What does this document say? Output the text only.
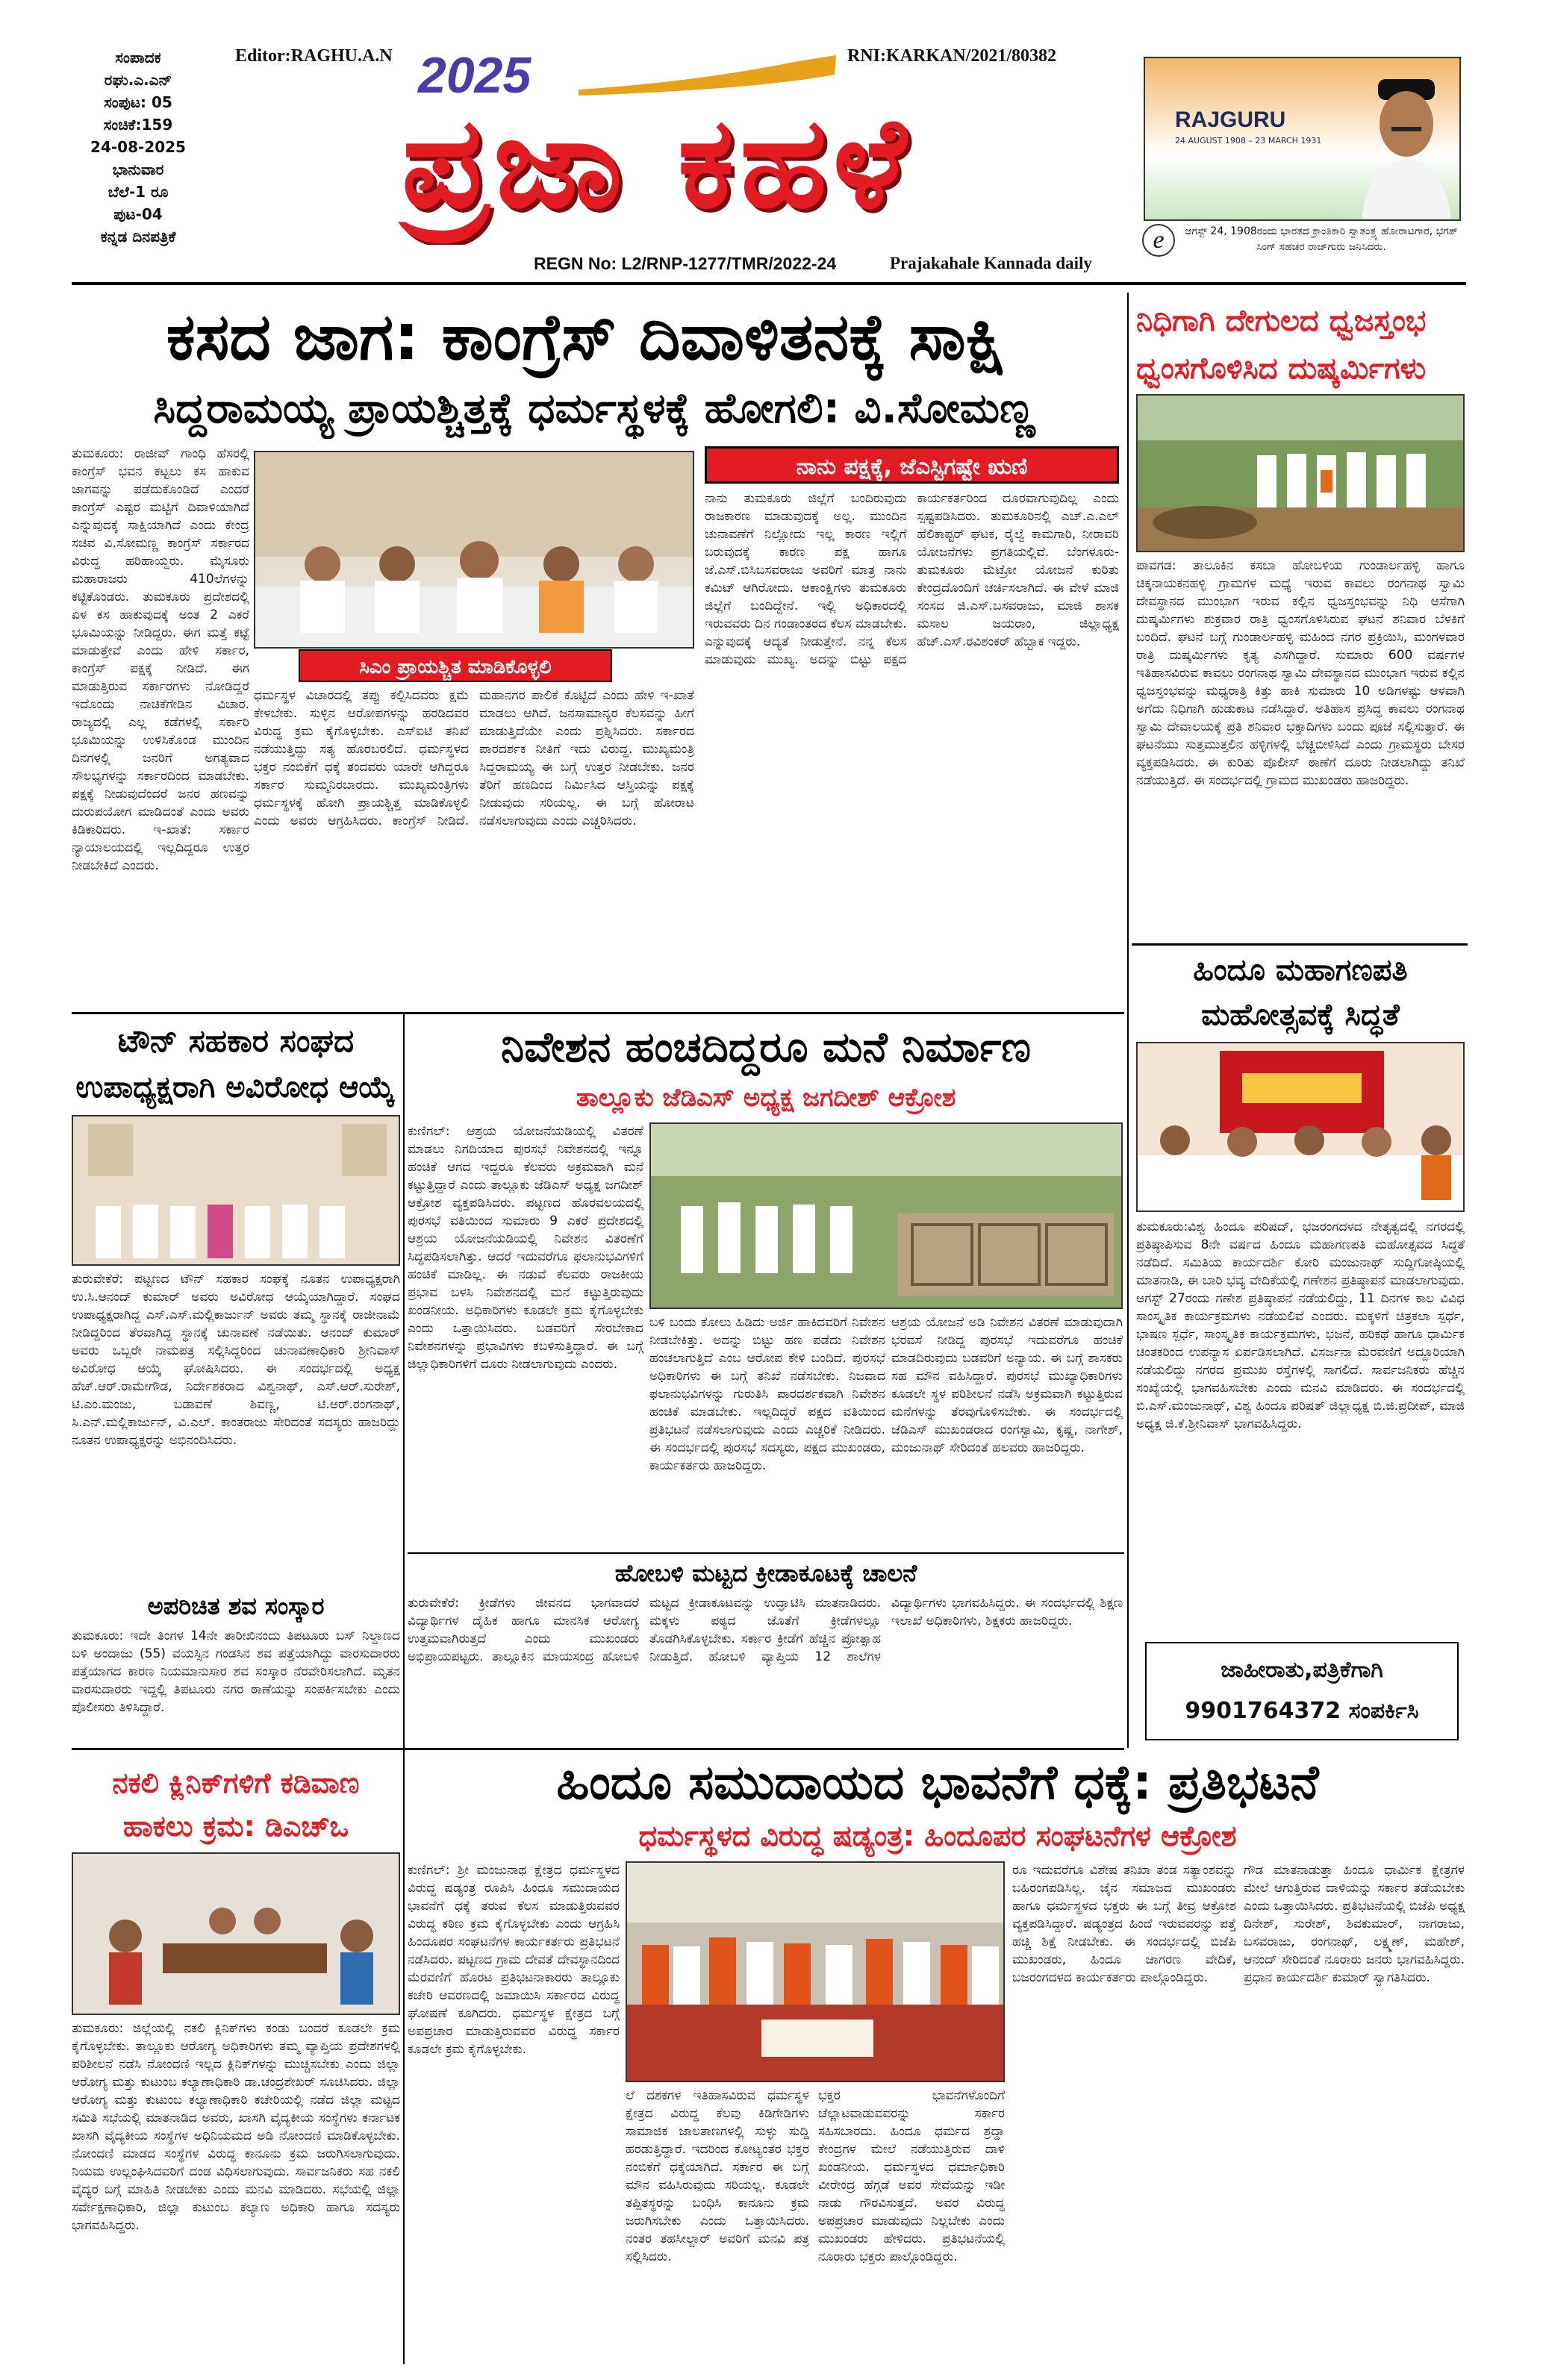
ಸಂಪಾದಕ
ರಘು.ಎ.ಎನ್
ಸಂಪುಟ: 05
ಸಂಚಿಕೆ:159
24-08-2025
ಭಾನುವಾರ
ಬೆಲೆ-1 ರೂ
ಪುಟ-04
ಕನ್ನಡ ದಿನಪತ್ರಿಕೆ
Editor:RAGHU.A.N	RNI:KARKAN/2021/80382
2025
ಪ್ರಜಾ ಕಹಳೆ
REGN No: L2/RNP-1277/TMR/2022-24	Prajakahale Kannada daily
RAJGURU
24 AUGUST 1908 – 23 MARCH 1931
e	ಆಗಸ್ಟ್ 24, 1908ರಂದು ಭಾರತದ ಕ್ರಾಂತಿಕಾರಿ ಸ್ವಾತಂತ್ರ್ಯ ಹೋರಾಟಗಾರ, ಭಗತ್ ಸಿಂಗ್ ಸಹಚರ ರಾಜ್‌ಗುರು ಜನಿಸಿದರು.
ಕಸದ ಜಾಗ: ಕಾಂಗ್ರೆಸ್ ದಿವಾಳಿತನಕ್ಕೆ ಸಾಕ್ಷಿ
ಸಿದ್ದರಾಮಯ್ಯ ಪ್ರಾಯಶ್ಚಿತ್ತಕ್ಕೆ ಧರ್ಮಸ್ಥಳಕ್ಕೆ ಹೋಗಲಿ: ವಿ.ಸೋಮಣ್ಣ

ತುಮಕೂರು: ರಾಜೀವ್ ಗಾಂಧಿ ಹೆಸರಲ್ಲಿ ಕಾಂಗ್ರೆಸ್ ಭವನ ಕಟ್ಟಲು ಕಸ ಹಾಕುವ ಜಾಗವನ್ನು ಪಡೆದುಕೊಂಡಿದೆ ಎಂದರೆ ಕಾಂಗ್ರೆಸ್ ಎಷ್ಟರ ಮಟ್ಟಿಗೆ ದಿವಾಳಿಯಾಗಿದೆ ಎನ್ನುವುದಕ್ಕೆ ಸಾಕ್ಷಿಯಾಗಿದೆ ಎಂದು ಕೇಂದ್ರ ಸಚಿವ ವಿ.ಸೋಮಣ್ಣ ಕಾಂಗ್ರೆಸ್ ಸರ್ಕಾರದ ವಿರುದ್ಧ ಹರಿಹಾಯ್ದರು. ಮೈಸೂರು ಮಹಾರಾಜರು 410ಲೆಗಳನ್ನು ಕಟ್ಟಿಕೊಂಡರು. ತುಮಕೂರು ಪ್ರದೇಶದಲ್ಲಿ ಏಳ ಕಸ ಹಾಕುವುದಕ್ಕೆ ಅಂತ 2 ಎಕರೆ ಭೂಮಿಯನ್ನು ನೀಡಿದ್ದರು. ಈಗ ಮತ್ತೆ ಕಟ್ಟೆ ಮಾಡುತ್ತೇವೆ ಎಂದು ಹೇಳಿ ಸರ್ಕಾರ, ಕಾಂಗ್ರೆಸ್ ಪಕ್ಷಕ್ಕೆ ನೀಡಿದೆ. ಈಗ ಮಾಡುತ್ತಿರುವ ಸರ್ಕಾರಗಳು ನೋಡಿದ್ದರೆ ಇದೊಂದು ನಾಚಿಕೆಗೇಡಿನ ವಿಚಾರ. ರಾಜ್ಯದಲ್ಲಿ ಎಲ್ಲ ಕಡೆಗಳಲ್ಲಿ ಸರ್ಕಾರಿ ಭೂಮಿಯನ್ನು ಉಳಿಸಿಕೊಂಡ ಮುಂದಿನ ದಿನಗಳಲ್ಲಿ ಜನರಿಗೆ ಅಗತ್ಯವಾದ ಸೌಲಭ್ಯಗಳನ್ನು ಸರ್ಕಾರದಿಂದ ಮಾಡಬೇಕು. ಪಕ್ಷಕ್ಕೆ ನೀಡುವುದೆಂದರೆ ಜನರ ಹಣವನ್ನು ದುರುಪಯೋಗ ಮಾಡಿದಂತೆ ಎಂದು ಅವರು ಕಿಡಿಕಾರಿದರು. ಇ-ಖಾತೆ: ಸರ್ಕಾರ ನ್ಯಾಯಾಲಯದಲ್ಲಿ ಇಲ್ಲದಿದ್ದರೂ ಉತ್ತರ ನೀಡಬೇಕಿದೆ ಎಂದರು.

ಸಿಎಂ ಪ್ರಾಯಶ್ಚಿತ ಮಾಡಿಕೊಳ್ಳಲಿ
ನಾನು ಪಕ್ಷಕ್ಕೆ, ಜೆಎಸ್ಟಿಗಷ್ಟೇ ಋಣಿ

ಧರ್ಮಸ್ಥಳ ವಿಚಾರದಲ್ಲಿ ತಪ್ಪು ಕಲ್ಪಿಸಿದವರು ಕ್ಷಮೆ ಕೇಳಬೇಕು. ಸುಳ್ಳಿನ ಆರೋಪಗಳನ್ನು ಹರಡಿದವರ ವಿರುದ್ಧ ಕ್ರಮ ಕೈಗೊಳ್ಳಬೇಕು. ಎಸ್ಐಟಿ ತನಿಖೆ ನಡೆಯುತ್ತಿದ್ದು ಸತ್ಯ ಹೊರಬರಲಿದೆ. ಧರ್ಮಸ್ಥಳದ ಭಕ್ತರ ನಂಬಿಕೆಗೆ ಧಕ್ಕೆ ತಂದವರು ಯಾರೇ ಆಗಿದ್ದರೂ ಸರ್ಕಾರ ಸುಮ್ಮನಿರಬಾರದು. ಮುಖ್ಯಮಂತ್ರಿಗಳು ಧರ್ಮಸ್ಥಳಕ್ಕೆ ಹೋಗಿ ಪ್ರಾಯಶ್ಚಿತ್ತ ಮಾಡಿಕೊಳ್ಳಲಿ ಎಂದು ಅವರು ಆಗ್ರಹಿಸಿದರು. ಕಾಂಗ್ರೆಸ್ ನೀಡಿದೆ. ಮಹಾನಗರ ಪಾಲಿಕೆ ಕೊಟ್ಟಿದೆ ಎಂದು ಹೇಳಿ ಇ-ಖಾತೆ ಮಾಡಲು ಆಗಿದೆ. ಜನಸಾಮಾನ್ಯರ ಕೆಲಸವನ್ನು ಹೀಗೆ ಮಾಡುತ್ತಿದೆಯೇ ಎಂದು ಪ್ರಶ್ನಿಸಿದರು. ಸರ್ಕಾರದ ಪಾರದರ್ಶಕ ನೀತಿಗೆ ಇದು ವಿರುದ್ಧ. ಮುಖ್ಯಮಂತ್ರಿ ಸಿದ್ದರಾಮಯ್ಯ ಈ ಬಗ್ಗೆ ಉತ್ತರ ನೀಡಬೇಕು. ಜನರ ತೆರಿಗೆ ಹಣದಿಂದ ನಿರ್ಮಿಸಿದ ಆಸ್ತಿಯನ್ನು ಪಕ್ಷಕ್ಕೆ ನೀಡುವುದು ಸರಿಯಲ್ಲ. ಈ ಬಗ್ಗೆ ಹೋರಾಟ ನಡೆಸಲಾಗುವುದು ಎಂದು ಎಚ್ಚರಿಸಿದರು.

ನಾನು ತುಮಕೂರು ಜಿಲ್ಲೆಗೆ ಬಂದಿರುವುದು ರಾಜಕಾರಣ ಮಾಡುವುದಕ್ಕೆ ಅಲ್ಲ. ಮುಂದಿನ ಚುನಾವಣೆಗೆ ನಿಲ್ಲೋದು ಇಲ್ಲ ಕಾರಣ ಇಲ್ಲಿಗೆ ಬರುವುದಕ್ಕೆ ಕಾರಣ ಪಕ್ಷ ಹಾಗೂ ಜೆ.ಎಸ್.ಬಿಸಿಬಸವರಾಜು ಅವರಿಗೆ ಮಾತ್ರ ನಾನು ಕಮಿಟ್ ಆಗಿರೋದು. ಆಕಾಂಕ್ಷಿಗಳು ತುಮಕೂರು ಜಿಲ್ಲೆಗೆ ಬಂದಿದ್ದೇನೆ. ಇಲ್ಲಿ ಅಧಿಕಾರದಲ್ಲಿ ಇರುವವರು ದಿನ ಗಂಡಾಂತರದ ಕೆಲಸ ಮಾಡಬೇಕು. ಎನ್ನುವುದಕ್ಕೆ ಆದ್ಯತೆ ನೀಡುತ್ತೇನೆ. ನನ್ನ ಕೆಲಸ ಮಾಡುವುದು ಮುಖ್ಯ. ಅದನ್ನು ಬಿಟ್ಟು ಪಕ್ಷದ ಕಾರ್ಯಕರ್ತರಿಂದ ದೂರವಾಗುವುದಿಲ್ಲ ಎಂದು ಸ್ಪಷ್ಟಪಡಿಸಿದರು. ತುಮಕೂರಿನಲ್ಲಿ ಎಚ್.ಎ.ಎಲ್ ಹೆಲಿಕಾಪ್ಟರ್ ಘಟಕ, ರೈಲ್ವೆ ಕಾಮಗಾರಿ, ನೀರಾವರಿ ಯೋಜನೆಗಳು ಪ್ರಗತಿಯಲ್ಲಿವೆ. ಬೆಂಗಳೂರು-ತುಮಕೂರು ಮೆಟ್ರೋ ಯೋಜನೆ ಕುರಿತು ಕೇಂದ್ರದೊಂದಿಗೆ ಚರ್ಚಿಸಲಾಗಿದೆ. ಈ ವೇಳೆ ಮಾಜಿ ಸಂಸದ ಜಿ.ಎಸ್.ಬಸವರಾಜು, ಮಾಜಿ ಶಾಸಕ ಮಸಾಲ ಜಯರಾಂ, ಜಿಲ್ಲಾಧ್ಯಕ್ಷ ಹೆಚ್.ಎಸ್.ರವಿಶಂಕರ್ ಹೆಬ್ಬಾಕ ಇದ್ದರು.

ನಿಧಿಗಾಗಿ ದೇಗುಲದ ಧ್ವಜಸ್ತಂಭ ಧ್ವಂಸಗೊಳಿಸಿದ ದುಷ್ಕರ್ಮಿಗಳು

ಪಾವಗಡ: ತಾಲೂಕಿನ ಕಸಬಾ ಹೋಬಳಿಯ ಗುಂಡಾರ್ಲಹಳ್ಳಿ ಹಾಗೂ ಚಿಕ್ಕನಾಯಕನಹಳ್ಳಿ ಗ್ರಾಮಗಳ ಮಧ್ಯೆ ಇರುವ ಕಾವಲು ರಂಗನಾಥ ಸ್ವಾಮಿ ದೇವಸ್ಥಾನದ ಮುಂಭಾಗ ಇರುವ ಕಲ್ಲಿನ ಧ್ವಜಸ್ತಂಭವನ್ನು ನಿಧಿ ಆಸೆಗಾಗಿ ದುಷ್ಕರ್ಮಿಗಳು ಶುಕ್ರವಾರ ರಾತ್ರಿ ಧ್ವಂಸಗೊಳಿಸಿರುವ ಘಟನೆ ಶನಿವಾರ ಬೆಳಕಿಗೆ ಬಂದಿದೆ. ಘಟನೆ ಬಗ್ಗೆ ಗುಂಡಾರ್ಲಹಳ್ಳಿ ಮಹಿಂದ ನಗರ ಪ್ರಕ್ರಿಯಿಸಿ, ಮಂಗಳವಾರ ರಾತ್ರಿ ದುಷ್ಕರ್ಮಿಗಳು ಕೃತ್ಯ ಎಸಗಿದ್ದಾರೆ. ಸುಮಾರು 600 ವರ್ಷಗಳ ಇತಿಹಾಸವಿರುವ ಕಾವಲು ರಂಗನಾಥ ಸ್ವಾಮಿ ದೇವಸ್ಥಾನದ ಮುಂಭಾಗ ಇರುವ ಕಲ್ಲಿನ ಧ್ವಜಸ್ತಂಭವನ್ನು ಮಧ್ಯರಾತ್ರಿ ಕಿತ್ತು ಹಾಕಿ ಸುಮಾರು 10 ಅಡಿಗಳಷ್ಟು ಆಳವಾಗಿ ಅಗೆದು ನಿಧಿಗಾಗಿ ಹುಡುಕಾಟ ನಡೆಸಿದ್ದಾರೆ. ಅತಿಹಾಸ ಪ್ರಸಿದ್ಧ ಕಾವಲು ರಂಗನಾಥ ಸ್ವಾಮಿ ದೇವಾಲಯಕ್ಕೆ ಪ್ರತಿ ಶನಿವಾರ ಭಕ್ತಾದಿಗಳು ಬಂದು ಪೂಜೆ ಸಲ್ಲಿಸುತ್ತಾರೆ. ಈ ಘಟನೆಯು ಸುತ್ತಮುತ್ತಲಿನ ಹಳ್ಳಿಗಳಲ್ಲಿ ಬೆಚ್ಚಿಬೀಳಿಸಿದೆ ಎಂದು ಗ್ರಾಮಸ್ಥರು ಬೇಸರ ವ್ಯಕ್ತಪಡಿಸಿದರು. ಈ ಕುರಿತು ಪೊಲೀಸ್ ಠಾಣೆಗೆ ದೂರು ನೀಡಲಾಗಿದ್ದು ತನಿಖೆ ನಡೆಯುತ್ತಿದೆ. ಈ ಸಂದರ್ಭದಲ್ಲಿ ಗ್ರಾಮದ ಮುಖಂಡರು ಹಾಜರಿದ್ದರು.

ಹಿಂದೂ ಮಹಾಗಣಪತಿ ಮಹೋತ್ಸವಕ್ಕೆ ಸಿದ್ಧತೆ

ತುಮಕೂರು:ವಿಶ್ವ ಹಿಂದೂ ಪರಿಷದ್, ಭಜರಂಗದಳದ ನೇತೃತ್ವದಲ್ಲಿ ನಗರದಲ್ಲಿ ಪ್ರತಿಷ್ಠಾಪಿಸುವ 8ನೇ ವರ್ಷದ ಹಿಂದೂ ಮಹಾಗಣಪತಿ ಮಹೋತ್ಸವದ ಸಿದ್ಧತೆ ನಡೆದಿದೆ. ಸಮಿತಿಯ ಕಾರ್ಯದರ್ಶಿ ಕೋರಿ ಮಂಜುನಾಥ್ ಸುದ್ದಿಗೋಷ್ಠಿಯಲ್ಲಿ ಮಾತನಾಡಿ, ಈ ಬಾರಿ ಭವ್ಯ ವೇದಿಕೆಯಲ್ಲಿ ಗಣೇಶನ ಪ್ರತಿಷ್ಠಾಪನೆ ಮಾಡಲಾಗುವುದು. ಆಗಸ್ಟ್ 27ರಂದು ಗಣೇಶ ಪ್ರತಿಷ್ಠಾಪನೆ ನಡೆಯಲಿದ್ದು, 11 ದಿನಗಳ ಕಾಲ ವಿವಿಧ ಸಾಂಸ್ಕೃತಿಕ ಕಾರ್ಯಕ್ರಮಗಳು ನಡೆಯಲಿವೆ ಎಂದರು. ಮಕ್ಕಳಿಗೆ ಚಿತ್ರಕಲಾ ಸ್ಪರ್ಧೆ, ಭಾಷಣ ಸ್ಪರ್ಧೆ, ಸಾಂಸ್ಕೃತಿಕ ಕಾರ್ಯಕ್ರಮಗಳು, ಭಜನೆ, ಹರಿಕಥೆ ಹಾಗೂ ಧಾರ್ಮಿಕ ಚಿಂತಕರಿಂದ ಉಪನ್ಯಾಸ ಏರ್ಪಡಿಸಲಾಗಿದೆ. ವಿಸರ್ಜನಾ ಮೆರವಣಿಗೆ ಅದ್ದೂರಿಯಾಗಿ ನಡೆಯಲಿದ್ದು ನಗರದ ಪ್ರಮುಖ ರಸ್ತೆಗಳಲ್ಲಿ ಸಾಗಲಿದೆ. ಸಾರ್ವಜನಿಕರು ಹೆಚ್ಚಿನ ಸಂಖ್ಯೆಯಲ್ಲಿ ಭಾಗವಹಿಸಬೇಕು ಎಂದು ಮನವಿ ಮಾಡಿದರು. ಈ ಸಂದರ್ಭದಲ್ಲಿ ಬಿ.ಎಸ್.ಮಂಜುನಾಥ್, ವಿಶ್ವ ಹಿಂದೂ ಪರಿಷತ್ ಜಿಲ್ಲಾಧ್ಯಕ್ಷ ಬಿ.ಜಿ.ಪ್ರದೀಪ್, ಮಾಜಿ ಅಧ್ಯಕ್ಷ ಜಿ.ಕೆ.ಶ್ರೀನಿವಾಸ್ ಭಾಗವಹಿಸಿದ್ದರು.

ಜಾಹೀರಾತು,ಪತ್ರಿಕೆಗಾಗಿ
9901764372 ಸಂಪರ್ಕಿಸಿ
ಟೌನ್ ಸಹಕಾರ ಸಂಘದ
ಉಪಾಧ್ಯಕ್ಷರಾಗಿ ಅವಿರೋಧ ಆಯ್ಕೆ

ತುರುವೇಕೆರೆ: ಪಟ್ಟಣದ ಟೌನ್ ಸಹಕಾರ ಸಂಘಕ್ಕೆ ನೂತನ ಉಪಾಧ್ಯಕ್ಷರಾಗಿ ಉ.ಸಿ.ಆನಂದ್ ಕುಮಾರ್ ಅವರು ಅವಿರೋಧ ಆಯ್ಕೆಯಾಗಿದ್ದಾರೆ. ಸಂಘದ ಉಪಾಧ್ಯಕ್ಷರಾಗಿದ್ದ ಎಸ್.ಎಸ್.ಮಲ್ಲಿಕಾರ್ಜುನ್ ಅವರು ತಮ್ಮ ಸ್ಥಾನಕ್ಕೆ ರಾಜೀನಾಮೆ ನೀಡಿದ್ದರಿಂದ ತೆರವಾಗಿದ್ದ ಸ್ಥಾನಕ್ಕೆ ಚುನಾವಣೆ ನಡೆಯಿತು. ಆನಂದ್ ಕುಮಾರ್ ಅವರು ಒಬ್ಬರೇ ನಾಮಪತ್ರ ಸಲ್ಲಿಸಿದ್ದರಿಂದ ಚುನಾವಣಾಧಿಕಾರಿ ಶ್ರೀನಿವಾಸ್ ಅವಿರೋಧ ಆಯ್ಕೆ ಘೋಷಿಸಿದರು. ಈ ಸಂದರ್ಭದಲ್ಲಿ ಅಧ್ಯಕ್ಷ ಹೆಚ್.ಆರ್.ರಾಮೇಗೌಡ, ನಿರ್ದೇಶಕರಾದ ವಿಶ್ವನಾಥ್, ಎಸ್.ಆರ್.ಸುರೇಶ್, ಟಿ.ಎಂ.ಮಂಜು, ಬಡಾವಣೆ ಶಿವಣ್ಣ, ಟಿ.ಆರ್.ರಂಗನಾಥ್, ಸಿ.ಎನ್.ಮಲ್ಲಿಕಾರ್ಜುನ್, ವಿ.ಎಲ್. ಕಾಂತರಾಜು ಸೇರಿದಂತೆ ಸದಸ್ಯರು ಹಾಜರಿದ್ದು ನೂತನ ಉಪಾಧ್ಯಕ್ಷರನ್ನು ಅಭಿನಂದಿಸಿದರು.

ಅಪರಿಚಿತ ಶವ ಸಂಸ್ಕಾರ

ತುಮಕೂರು: ಇದೇ ತಿಂಗಳ 14ನೇ ತಾರೀಖಿನಂದು ತಿಪಟೂರು ಬಸ್ ನಿಲ್ದಾಣದ ಬಳಿ ಅಂದಾಜು (55) ವಯಸ್ಸಿನ ಗಂಡಸಿನ ಶವ ಪತ್ತೆಯಾಗಿದ್ದು ವಾರಸುದಾರರು ಪತ್ತೆಯಾಗದ ಕಾರಣ ನಿಯಮಾನುಸಾರ ಶವ ಸಂಸ್ಕಾರ ನೆರವೇರಿಸಲಾಗಿದೆ. ಮೃತನ ವಾರಸುದಾರರು ಇದ್ದಲ್ಲಿ ತಿಪಟೂರು ನಗರ ಠಾಣೆಯನ್ನು ಸಂಪರ್ಕಿಸಬೇಕು ಎಂದು ಪೊಲೀಸರು ತಿಳಿಸಿದ್ದಾರೆ.

ನಕಲಿ ಕ್ಲಿನಿಕ್‌ಗಳಿಗೆ ಕಡಿವಾಣ
ಹಾಕಲು ಕ್ರಮ: ಡಿಎಚ್ಒ
ನಿವೇಶನ ಹಂಚದಿದ್ದರೂ ಮನೆ ನಿರ್ಮಾಣ
ತಾಲ್ಲೂಕು ಜೆಡಿಎಸ್ ಅಧ್ಯಕ್ಷ ಜಗದೀಶ್ ಆಕ್ರೋಶ

ಕುಣಿಗಲ್: ಆಶ್ರಯ ಯೋಜನೆಯಡಿಯಲ್ಲಿ ವಿತರಣೆ ಮಾಡಲು ನಿಗದಿಯಾದ ಪುರಸಭೆ ನಿವೇಶನದಲ್ಲಿ ಇನ್ನೂ ಹಂಚಿಕೆ ಆಗದ ಇದ್ದರೂ ಕೆಲವರು ಅಕ್ರಮವಾಗಿ ಮನೆ ಕಟ್ಟುತ್ತಿದ್ದಾರೆ ಎಂದು ತಾಲ್ಲೂಕು ಜೆಡಿಎಸ್ ಅಧ್ಯಕ್ಷ ಜಗದೀಶ್ ಆಕ್ರೋಶ ವ್ಯಕ್ತಪಡಿಸಿದರು. ಪಟ್ಟಣದ ಹೊರವಲಯದಲ್ಲಿ ಪುರಸಭೆ ವತಿಯಿಂದ ಸುಮಾರು 9 ಎಕರೆ ಪ್ರದೇಶದಲ್ಲಿ ಆಶ್ರಯ ಯೋಜನೆಯಡಿಯಲ್ಲಿ ನಿವೇಶನ ವಿತರಣೆಗೆ ಸಿದ್ಧಪಡಿಸಲಾಗಿತ್ತು. ಆದರೆ ಇದುವರೆಗೂ ಫಲಾನುಭವಿಗಳಿಗೆ ಹಂಚಿಕೆ ಮಾಡಿಲ್ಲ. ಈ ನಡುವೆ ಕೆಲವರು ರಾಜಕೀಯ ಪ್ರಭಾವ ಬಳಸಿ ನಿವೇಶನದಲ್ಲಿ ಮನೆ ಕಟ್ಟುತ್ತಿರುವುದು ಖಂಡನೀಯ. ಅಧಿಕಾರಿಗಳು ಕೂಡಲೇ ಕ್ರಮ ಕೈಗೊಳ್ಳಬೇಕು ಎಂದು ಒತ್ತಾಯಿಸಿದರು. ಬಡವರಿಗೆ ಸೇರಬೇಕಾದ ನಿವೇಶನಗಳನ್ನು ಪ್ರಭಾವಿಗಳು ಕಬಳಿಸುತ್ತಿದ್ದಾರೆ. ಈ ಬಗ್ಗೆ ಜಿಲ್ಲಾಧಿಕಾರಿಗಳಿಗೆ ದೂರು ನೀಡಲಾಗುವುದು ಎಂದರು.

ಬಳಿ ಬಂದು ಕೋಲು ಹಿಡಿದು ಅರ್ಜಿ ಹಾಕಿದವರಿಗೆ ನಿವೇಶನ ನೀಡಬೇಕಿತ್ತು. ಅದನ್ನು ಬಿಟ್ಟು ಹಣ ಪಡೆದು ನಿವೇಶನ ಹಂಚಲಾಗುತ್ತಿದೆ ಎಂಬ ಆರೋಪ ಕೇಳಿ ಬಂದಿದೆ. ಪುರಸಭೆ ಅಧಿಕಾರಿಗಳು ಈ ಬಗ್ಗೆ ತನಿಖೆ ನಡೆಸಬೇಕು. ನಿಜವಾದ ಫಲಾನುಭವಿಗಳನ್ನು ಗುರುತಿಸಿ ಪಾರದರ್ಶಕವಾಗಿ ನಿವೇಶನ ಹಂಚಿಕೆ ಮಾಡಬೇಕು. ಇಲ್ಲದಿದ್ದರೆ ಪಕ್ಷದ ವತಿಯಿಂದ ಪ್ರತಿಭಟನೆ ನಡೆಸಲಾಗುವುದು ಎಂದು ಎಚ್ಚರಿಕೆ ನೀಡಿದರು. ಈ ಸಂದರ್ಭದಲ್ಲಿ ಪುರಸಭೆ ಸದಸ್ಯರು, ಪಕ್ಷದ ಮುಖಂಡರು, ಕಾರ್ಯಕರ್ತರು ಹಾಜರಿದ್ದರು.

ಆಶ್ರಯ ಯೋಜನೆ ಅಡಿ ನಿವೇಶನ ವಿತರಣೆ ಮಾಡುವುದಾಗಿ ಭರವಸೆ ನೀಡಿದ್ದ ಪುರಸಭೆ ಇದುವರೆಗೂ ಹಂಚಿಕೆ ಮಾಡದಿರುವುದು ಬಡವರಿಗೆ ಅನ್ಯಾಯ. ಈ ಬಗ್ಗೆ ಶಾಸಕರು ಸಹ ಮೌನ ವಹಿಸಿದ್ದಾರೆ. ಪುರಸಭೆ ಮುಖ್ಯಾಧಿಕಾರಿಗಳು ಕೂಡಲೇ ಸ್ಥಳ ಪರಿಶೀಲನೆ ನಡೆಸಿ ಅಕ್ರಮವಾಗಿ ಕಟ್ಟುತ್ತಿರುವ ಮನೆಗಳನ್ನು ತೆರವುಗೊಳಿಸಬೇಕು. ಈ ಸಂದರ್ಭದಲ್ಲಿ ಜೆಡಿಎಸ್ ಮುಖಂಡರಾದ ರಂಗಸ್ವಾಮಿ, ಕೃಷ್ಣ, ನಾಗೇಶ್, ಮಂಜುನಾಥ್ ಸೇರಿದಂತೆ ಹಲವರು ಹಾಜರಿದ್ದರು.

ಹೋಬಳಿ ಮಟ್ಟದ ಕ್ರೀಡಾಕೂಟಕ್ಕೆ ಚಾಲನೆ

ತುರುವೇಕೆರೆ: ಕ್ರೀಡೆಗಳು ಜೀವನದ ಭಾಗವಾದರೆ ವಿದ್ಯಾರ್ಥಿಗಳ ದೈಹಿಕ ಹಾಗೂ ಮಾನಸಿಕ ಆರೋಗ್ಯ ಉತ್ತಮವಾಗಿರುತ್ತದೆ ಎಂದು ಮುಖಂಡರು ಅಭಿಪ್ರಾಯಪಟ್ಟರು. ತಾಲ್ಲೂಕಿನ ಮಾಯಸಂದ್ರ ಹೋಬಳಿ ಮಟ್ಟದ ಕ್ರೀಡಾಕೂಟವನ್ನು ಉದ್ಘಾಟಿಸಿ ಮಾತನಾಡಿದರು. ಮಕ್ಕಳು ಪಠ್ಯದ ಜೊತೆಗೆ ಕ್ರೀಡೆಗಳಲ್ಲೂ ತೊಡಗಿಸಿಕೊಳ್ಳಬೇಕು. ಸರ್ಕಾರ ಕ್ರೀಡೆಗೆ ಹೆಚ್ಚಿನ ಪ್ರೋತ್ಸಾಹ ನೀಡುತ್ತಿದೆ. ಹೋಬಳಿ ವ್ಯಾಪ್ತಿಯ 12 ಶಾಲೆಗಳ ವಿದ್ಯಾರ್ಥಿಗಳು ಭಾಗವಹಿಸಿದ್ದರು. ಈ ಸಂದರ್ಭದಲ್ಲಿ ಶಿಕ್ಷಣ ಇಲಾಖೆ ಅಧಿಕಾರಿಗಳು, ಶಿಕ್ಷಕರು ಹಾಜರಿದ್ದರು.

ಹಿಂದೂ ಸಮುದಾಯದ ಭಾವನೆಗೆ ಧಕ್ಕೆ: ಪ್ರತಿಭಟನೆ
ಧರ್ಮಸ್ಥಳದ ವಿರುದ್ಧ ಷಡ್ಯಂತ್ರ: ಹಿಂದೂಪರ ಸಂಘಟನೆಗಳ ಆಕ್ರೋಶ

ತುಮಕೂರು: ಜಿಲ್ಲೆಯಲ್ಲಿ ನಕಲಿ ಕ್ಲಿನಿಕ್‌ಗಳು ಕಂಡು ಬಂದರೆ ಕೂಡಲೇ ಕ್ರಮ ಕೈಗೊಳ್ಳಬೇಕು. ತಾಲ್ಲೂಕು ಆರೋಗ್ಯ ಅಧಿಕಾರಿಗಳು ತಮ್ಮ ವ್ಯಾಪ್ತಿಯ ಪ್ರದೇಶಗಳಲ್ಲಿ ಪರಿಶೀಲನೆ ನಡೆಸಿ ನೋಂದಣಿ ಇಲ್ಲದ ಕ್ಲಿನಿಕ್‌ಗಳನ್ನು ಮುಚ್ಚಿಸಬೇಕು ಎಂದು ಜಿಲ್ಲಾ ಆರೋಗ್ಯ ಮತ್ತು ಕುಟುಂಬ ಕಲ್ಯಾಣಾಧಿಕಾರಿ ಡಾ.ಚಂದ್ರಶೇಖರ್ ಸೂಚಿಸಿದರು. ಜಿಲ್ಲಾ ಆರೋಗ್ಯ ಮತ್ತು ಕುಟುಂಬ ಕಲ್ಯಾಣಾಧಿಕಾರಿ ಕಚೇರಿಯಲ್ಲಿ ನಡೆದ ಜಿಲ್ಲಾ ಮಟ್ಟದ ಸಮಿತಿ ಸಭೆಯಲ್ಲಿ ಮಾತನಾಡಿದ ಅವರು, ಖಾಸಗಿ ವೈದ್ಯಕೀಯ ಸಂಸ್ಥೆಗಳು ಕರ್ನಾಟಕ ಖಾಸಗಿ ವೈದ್ಯಕೀಯ ಸಂಸ್ಥೆಗಳ ಅಧಿನಿಯಮದ ಅಡಿ ನೋಂದಣಿ ಮಾಡಿಕೊಳ್ಳಬೇಕು. ನೋಂದಣಿ ಮಾಡದ ಸಂಸ್ಥೆಗಳ ವಿರುದ್ಧ ಕಾನೂನು ಕ್ರಮ ಜರುಗಿಸಲಾಗುವುದು. ನಿಯಮ ಉಲ್ಲಂಘಿಸಿದವರಿಗೆ ದಂಡ ವಿಧಿಸಲಾಗುವುದು. ಸಾರ್ವಜನಿಕರು ಸಹ ನಕಲಿ ವೈದ್ಯರ ಬಗ್ಗೆ ಮಾಹಿತಿ ನೀಡಬೇಕು ಎಂದು ಮನವಿ ಮಾಡಿದರು. ಸಭೆಯಲ್ಲಿ ಜಿಲ್ಲಾ ಸರ್ವೇಕ್ಷಣಾಧಿಕಾರಿ, ಜಿಲ್ಲಾ ಕುಟುಂಬ ಕಲ್ಯಾಣ ಅಧಿಕಾರಿ ಹಾಗೂ ಸದಸ್ಯರು ಭಾಗವಹಿಸಿದ್ದರು.

ಕುಣಿಗಲ್: ಶ್ರೀ ಮಂಜುನಾಥ ಕ್ಷೇತ್ರದ ಧರ್ಮಸ್ಥಳದ ವಿರುದ್ಧ ಷಡ್ಯಂತ್ರ ರೂಪಿಸಿ ಹಿಂದೂ ಸಮುದಾಯದ ಭಾವನೆಗೆ ಧಕ್ಕೆ ತರುವ ಕೆಲಸ ಮಾಡುತ್ತಿರುವವರ ವಿರುದ್ಧ ಕಠಿಣ ಕ್ರಮ ಕೈಗೊಳ್ಳಬೇಕು ಎಂದು ಆಗ್ರಹಿಸಿ ಹಿಂದೂಪರ ಸಂಘಟನೆಗಳ ಕಾರ್ಯಕರ್ತರು ಪ್ರತಿಭಟನೆ ನಡೆಸಿದರು. ಪಟ್ಟಣದ ಗ್ರಾಮ ದೇವತೆ ದೇವಸ್ಥಾನದಿಂದ ಮೆರವಣಿಗೆ ಹೊರಟ ಪ್ರತಿಭಟನಾಕಾರರು ತಾಲ್ಲೂಕು ಕಚೇರಿ ಆವರಣದಲ್ಲಿ ಜಮಾಯಿಸಿ ಸರ್ಕಾರದ ವಿರುದ್ಧ ಘೋಷಣೆ ಕೂಗಿದರು. ಧರ್ಮಸ್ಥಳ ಕ್ಷೇತ್ರದ ಬಗ್ಗೆ ಅಪಪ್ರಚಾರ ಮಾಡುತ್ತಿರುವವರ ವಿರುದ್ಧ ಸರ್ಕಾರ ಕೂಡಲೇ ಕ್ರಮ ಕೈಗೊಳ್ಳಬೇಕು.

ಲೆ ದಶಕಗಳ ಇತಿಹಾಸವಿರುವ ಧರ್ಮಸ್ಥಳ ಕ್ಷೇತ್ರದ ವಿರುದ್ಧ ಕೆಲವು ಕಿಡಿಗೇಡಿಗಳು ಸಾಮಾಜಿಕ ಜಾಲತಾಣಗಳಲ್ಲಿ ಸುಳ್ಳು ಸುದ್ದಿ ಹರಡುತ್ತಿದ್ದಾರೆ. ಇದರಿಂದ ಕೋಟ್ಯಂತರ ಭಕ್ತರ ನಂಬಿಕೆಗೆ ಧಕ್ಕೆಯಾಗಿದೆ. ಸರ್ಕಾರ ಈ ಬಗ್ಗೆ ಮೌನ ವಹಿಸಿರುವುದು ಸರಿಯಲ್ಲ. ಕೂಡಲೇ ತಪ್ಪಿತಸ್ಥರನ್ನು ಬಂಧಿಸಿ ಕಾನೂನು ಕ್ರಮ ಜರುಗಿಸಬೇಕು ಎಂದು ಒತ್ತಾಯಿಸಿದರು. ನಂತರ ತಹಸೀಲ್ದಾರ್ ಅವರಿಗೆ ಮನವಿ ಪತ್ರ ಸಲ್ಲಿಸಿದರು.

ಭಕ್ತರ ಭಾವನೆಗಳೊಂದಿಗೆ ಚೆಲ್ಲಾಟವಾಡುವವರನ್ನು ಸರ್ಕಾರ ಸಹಿಸಬಾರದು. ಹಿಂದೂ ಧರ್ಮದ ಶ್ರದ್ಧಾ ಕೇಂದ್ರಗಳ ಮೇಲೆ ನಡೆಯುತ್ತಿರುವ ದಾಳಿ ಖಂಡನೀಯ. ಧರ್ಮಸ್ಥಳದ ಧರ್ಮಾಧಿಕಾರಿ ವೀರೇಂದ್ರ ಹೆಗ್ಗಡೆ ಅವರ ಸೇವೆಯನ್ನು ಇಡೀ ನಾಡು ಗೌರವಿಸುತ್ತದೆ. ಅವರ ವಿರುದ್ಧ ಅಪಪ್ರಚಾರ ಮಾಡುವುದು ನಿಲ್ಲಬೇಕು ಎಂದು ಮುಖಂಡರು ಹೇಳಿದರು. ಪ್ರತಿಭಟನೆಯಲ್ಲಿ ನೂರಾರು ಭಕ್ತರು ಪಾಲ್ಗೊಂಡಿದ್ದರು.

ರೂ ಇದುವರೆಗೂ ವಿಶೇಷ ತನಿಖಾ ತಂಡ ಸತ್ಯಾಂಶವನ್ನು ಬಹಿರಂಗಪಡಿಸಿಲ್ಲ. ಜೈನ ಸಮಾಜದ ಮುಖಂಡರು ಹಾಗೂ ಧರ್ಮಸ್ಥಳದ ಭಕ್ತರು ಈ ಬಗ್ಗೆ ತೀವ್ರ ಆಕ್ರೋಶ ವ್ಯಕ್ತಪಡಿಸಿದ್ದಾರೆ. ಷಡ್ಯಂತ್ರದ ಹಿಂದೆ ಇರುವವರನ್ನು ಪತ್ತೆ ಹಚ್ಚಿ ಶಿಕ್ಷೆ ನೀಡಬೇಕು. ಈ ಸಂದರ್ಭದಲ್ಲಿ ಬಿಜೆಪಿ ಮುಖಂಡರು, ಹಿಂದೂ ಜಾಗರಣ ವೇದಿಕೆ, ಬಜರಂಗದಳದ ಕಾರ್ಯಕರ್ತರು ಪಾಲ್ಗೊಂಡಿದ್ದರು.

ಗೌಡ ಮಾತನಾಡುತ್ತಾ ಹಿಂದೂ ಧಾರ್ಮಿಕ ಕ್ಷೇತ್ರಗಳ ಮೇಲೆ ಆಗುತ್ತಿರುವ ದಾಳಿಯನ್ನು ಸರ್ಕಾರ ತಡೆಯಬೇಕು ಎಂದು ಒತ್ತಾಯಿಸಿದರು. ಪ್ರತಿಭಟನೆಯಲ್ಲಿ ಬಿಜೆಪಿ ಅಧ್ಯಕ್ಷ ದಿನೇಶ್, ಸುರೇಶ್, ಶಿವಕುಮಾರ್, ನಾಗರಾಜು, ಬಸವರಾಜು, ರಂಗನಾಥ್, ಲಕ್ಷ್ಮಣ್, ಮಹೇಶ್, ಆನಂದ್ ಸೇರಿದಂತೆ ನೂರಾರು ಜನರು ಭಾಗವಹಿಸಿದ್ದರು. ಪ್ರಧಾನ ಕಾರ್ಯದರ್ಶಿ ಕುಮಾರ್ ಸ್ವಾಗತಿಸಿದರು.
